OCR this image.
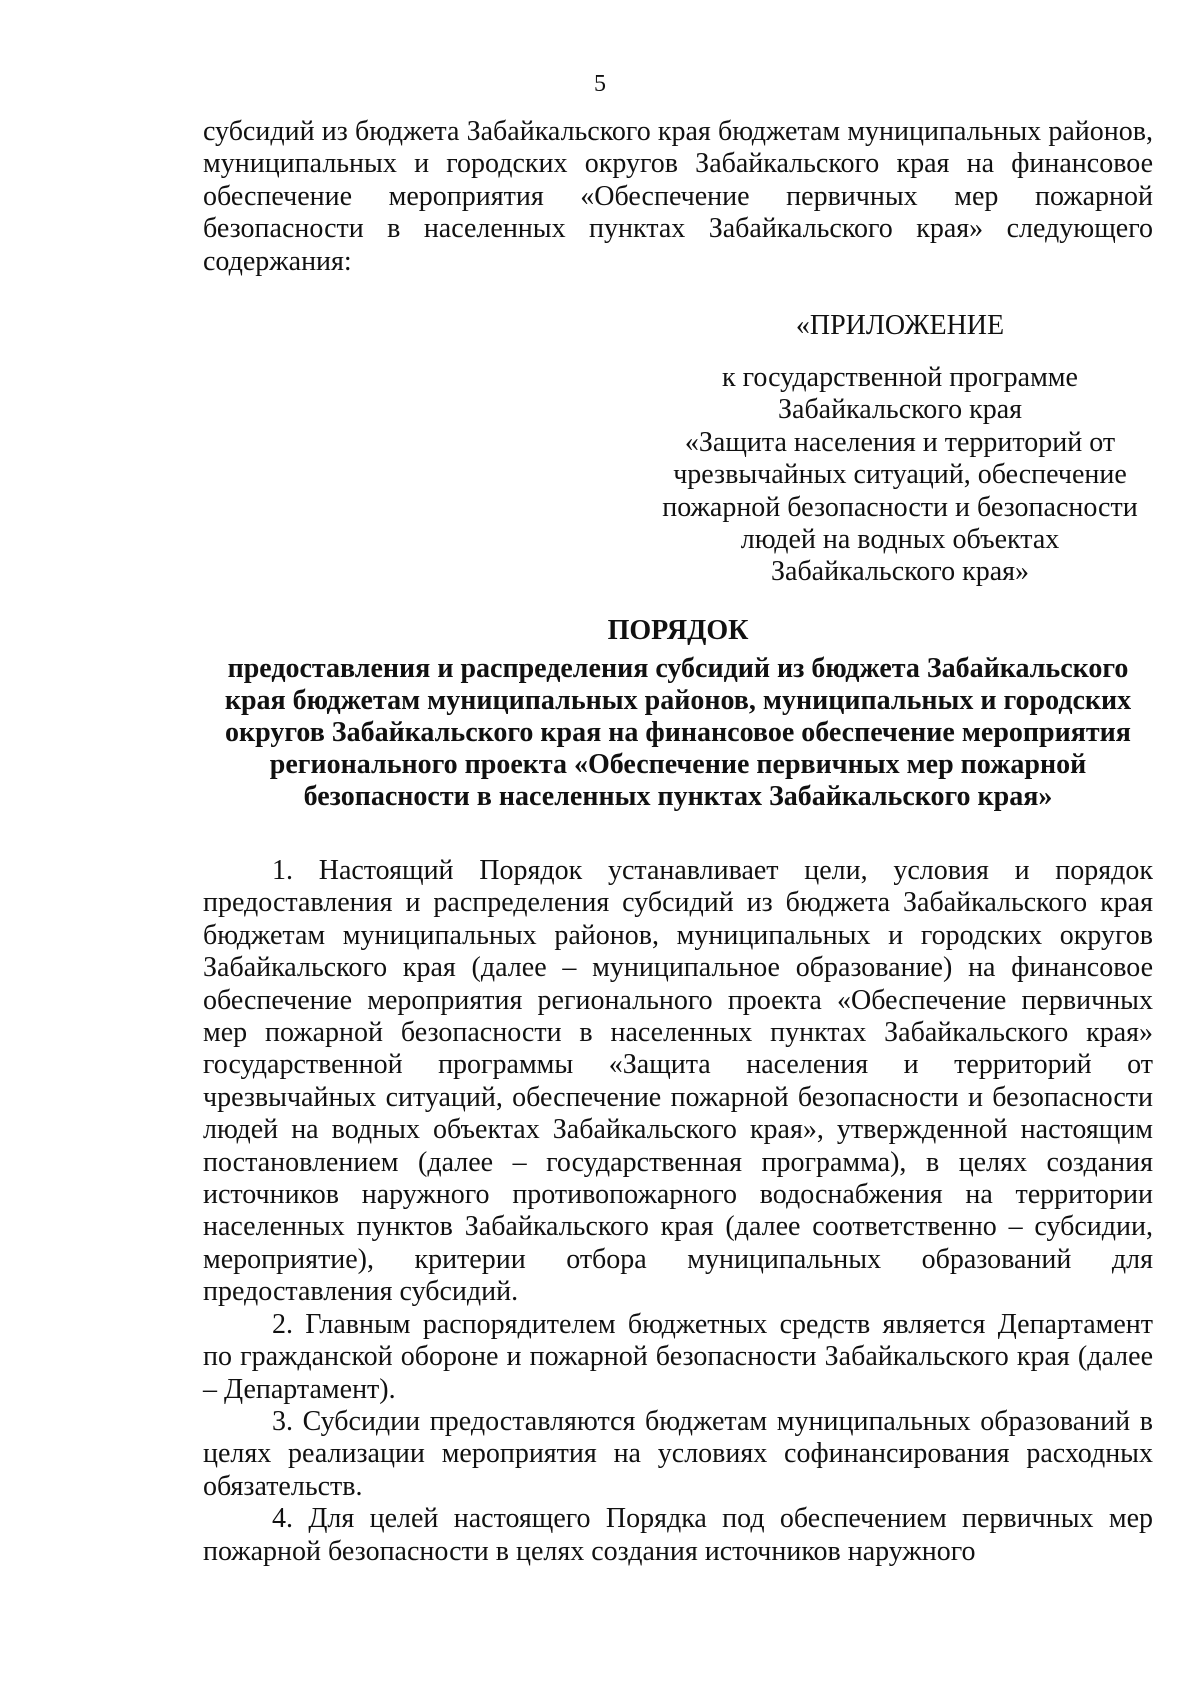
5
субсидий из бюджета Забайкальского края бюджетам муниципальных районов, муниципальных и городских округов Забайкальского края на финансовое обеспечение мероприятия «Обеспечение первичных мер пожарной безопасности в населенных пунктах Забайкальского края» следующего содержания:
«ПРИЛОЖЕНИЕ
к государственной программе
Забайкальского края
«Защита населения и территорий от
чрезвычайных ситуаций, обеспечение
пожарной безопасности и безопасности
людей на водных объектах
Забайкальского края»
ПОРЯДОК
предоставления и распределения субсидий из бюджета Забайкальского
края бюджетам муниципальных районов, муниципальных и городских
округов Забайкальского края на финансовое обеспечение мероприятия
регионального проекта «Обеспечение первичных мер пожарной
безопасности в населенных пунктах Забайкальского края»

1. Настоящий Порядок устанавливает цели, условия и порядок предоставления и распределения субсидий из бюджета Забайкальского края бюджетам муниципальных районов, муниципальных и городских округов Забайкальского края (далее – муниципальное образование) на финансовое обеспечение мероприятия регионального проекта «Обеспечение первичных мер пожарной безопасности в населенных пунктах Забайкальского края» государственной программы «Защита населения и территорий от чрезвычайных ситуаций, обеспечение пожарной безопасности и безопасности людей на водных объектах Забайкальского края», утвержденной настоящим постановлением (далее – государственная программа), в целях создания источников наружного противопожарного водоснабжения на территории населенных пунктов Забайкальского края (далее соответственно – субсидии, мероприятие), критерии отбора муниципальных образований для предоставления субсидий.

2. Главным распорядителем бюджетных средств является Департамент по гражданской обороне и пожарной безопасности Забайкальского края (далее – Департамент).

3. Субсидии предоставляются бюджетам муниципальных образований в целях реализации мероприятия на условиях софинансирования расходных обязательств.

4. Для целей настоящего Порядка под обеспечением первичных мер пожарной безопасности в целях создания источников наружного
